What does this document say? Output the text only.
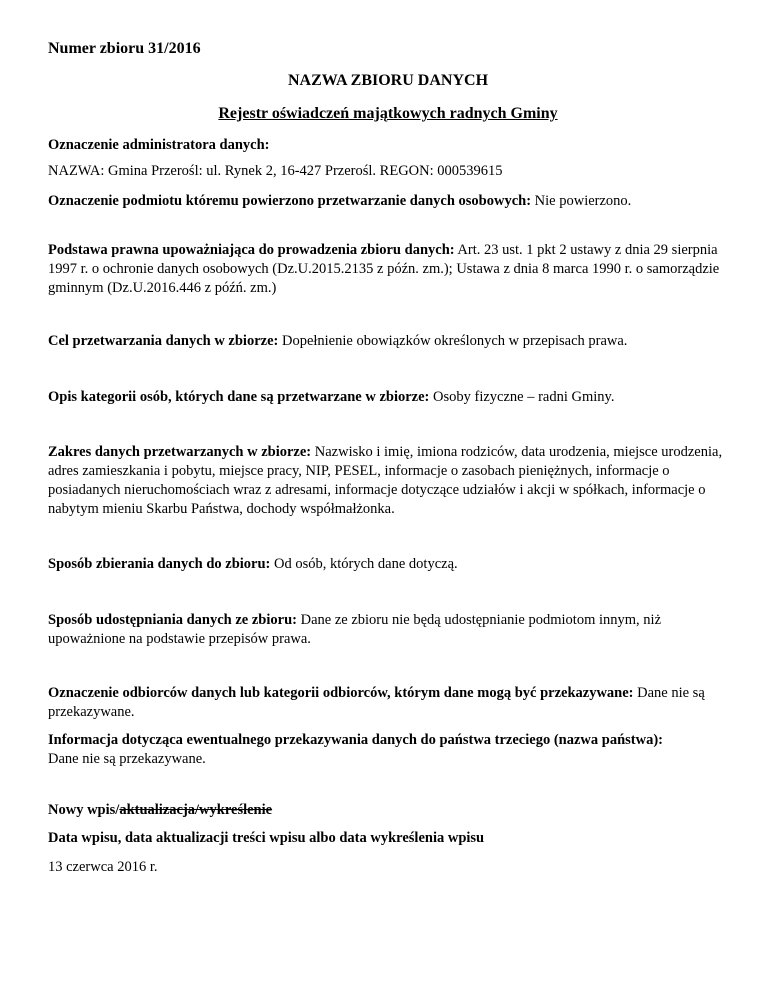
Numer zbioru 31/2016

NAZWA ZBIORU DANYCH

Rejestr oświadczeń majątkowych radnych Gminy

Oznaczenie administratora danych:

NAZWA: Gmina Przerośl: ul. Rynek 2, 16-427 Przerośl. REGON: 000539615

Oznaczenie podmiotu któremu powierzono przetwarzanie danych osobowych: Nie powierzono.

Podstawa prawna upoważniająca do prowadzenia zbioru danych: Art. 23 ust. 1 pkt 2 ustawy z dnia 29 sierpnia 1997 r. o ochronie danych osobowych (Dz.U.2015.2135 z późn. zm.); Ustawa z dnia 8 marca 1990 r. o samorządzie gminnym (Dz.U.2016.446 z późń. zm.)

Cel przetwarzania danych w zbiorze: Dopełnienie obowiązków określonych w przepisach prawa.

Opis kategorii osób, których dane są przetwarzane w zbiorze: Osoby fizyczne – radni Gminy.

Zakres danych przetwarzanych w zbiorze: Nazwisko i imię, imiona rodziców, data urodzenia, miejsce urodzenia, adres zamieszkania i pobytu, miejsce pracy, NIP, PESEL, informacje o zasobach pieniężnych, informacje o posiadanych nieruchomościach wraz z adresami, informacje dotyczące udziałów i akcji w spółkach, informacje o nabytym mieniu Skarbu Państwa, dochody współmałżonka.

Sposób zbierania danych do zbioru: Od osób, których dane dotyczą.

Sposób udostępniania danych ze zbioru: Dane ze zbioru nie będą udostępnianie podmiotom innym, niż upoważnione na podstawie przepisów prawa.

Oznaczenie odbiorców danych lub kategorii odbiorców, którym dane mogą być przekazywane: Dane nie są przekazywane.

Informacja dotycząca ewentualnego przekazywania danych do państwa trzeciego (nazwa państwa):
Dane nie są przekazywane.

Nowy wpis/aktualizacja/wykreślenie

Data wpisu, data aktualizacji treści wpisu albo data wykreślenia wpisu

13 czerwca 2016 r.
